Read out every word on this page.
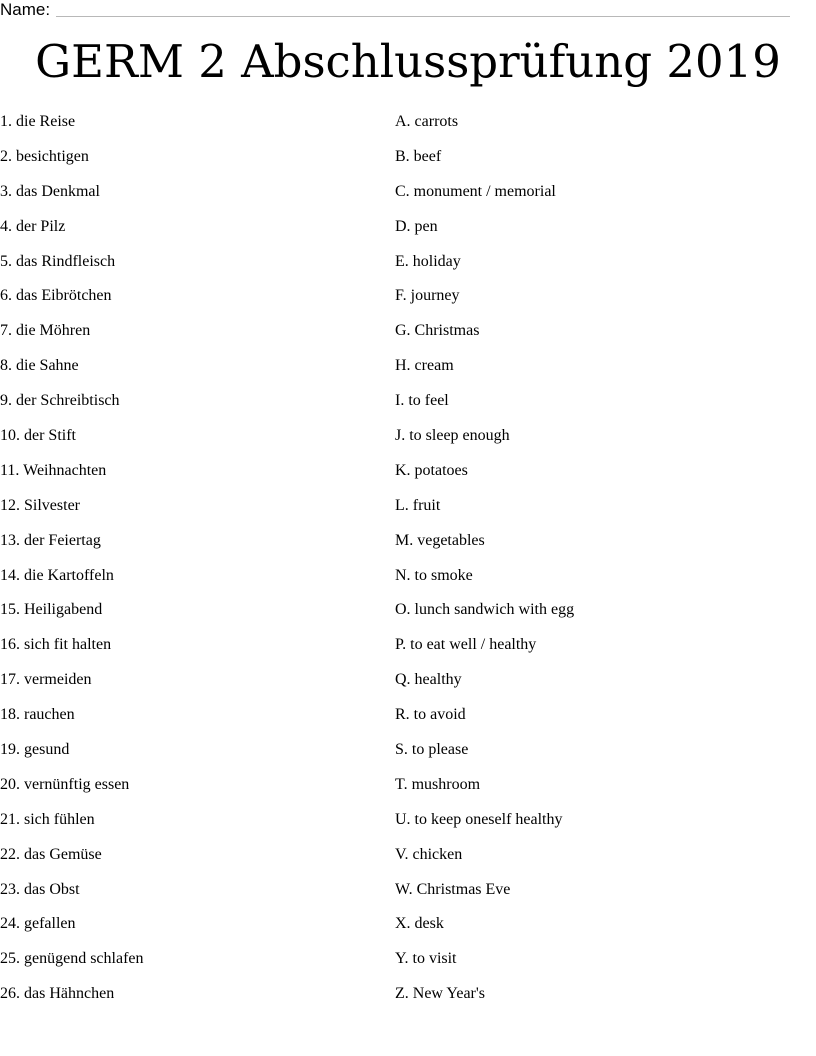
Name:
GERM 2 Abschlussprüfung 2019
1. die Reise
2. besichtigen
3. das Denkmal
4. der Pilz
5. das Rindfleisch
6. das Eibrötchen
7. die Möhren
8. die Sahne
9. der Schreibtisch
10. der Stift
11. Weihnachten
12. Silvester
13. der Feiertag
14. die Kartoffeln
15. Heiligabend
16. sich fit halten
17. vermeiden
18. rauchen
19. gesund
20. vernünftig essen
21. sich fühlen
22. das Gemüse
23. das Obst
24. gefallen
25. genügend schlafen
26. das Hähnchen
A. carrots
B. beef
C. monument / memorial
D. pen
E. holiday
F. journey
G. Christmas
H. cream
I. to feel
J. to sleep enough
K. potatoes
L. fruit
M. vegetables
N. to smoke
O. lunch sandwich with egg
P. to eat well / healthy
Q. healthy
R. to avoid
S. to please
T. mushroom
U. to keep oneself healthy
V. chicken
W. Christmas Eve
X. desk
Y. to visit
Z. New Year's
